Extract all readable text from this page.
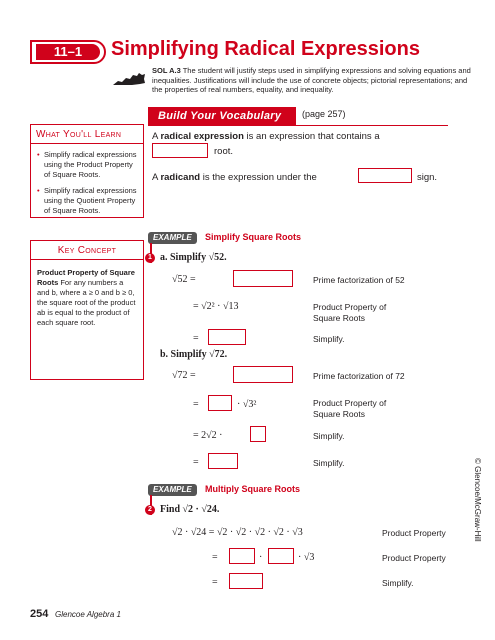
11–1	Simplifying Radical Expressions
SOL A.3 The student will justify steps used in simplifying expressions and solving equations and inequalities. Justifications will include the use of concrete objects; pictorial representations; and the properties of real numbers, equality, and inequality.
Build Your Vocabulary	(page 257)
A radical expression is an expression that contains a
root.
A radicand is the expression under the	sign.
What You'll Learn
• Simplify radical expressions using the Product Property of Square Roots.
• Simplify radical expressions using the Quotient Property of Square Roots.
Key Concept
Product Property of Square Roots For any numbers a and b, where a ≥ 0 and b ≥ 0, the square root of the product ab is equal to the product of each square root.
EXAMPLE	Simplify Square Roots
1 a. Simplify √52.
√52 =	Prime factorization of 52
= √2² · √13	Product Property of
Square Roots
=	Simplify.
b. Simplify √72.
√72 =	Prime factorization of 72
=	· √3²	Product Property of
Square Roots
= 2√2 ·	Simplify.
=	Simplify.
EXAMPLE	Multiply Square Roots
2 Find √2 · √24.
√2 · √24 = √2 · √2 · √2 · √2 · √3	Product Property
=	·	· √3	Product Property
=	Simplify.
© Glencoe/McGraw-Hill
254 Glencoe Algebra 1
